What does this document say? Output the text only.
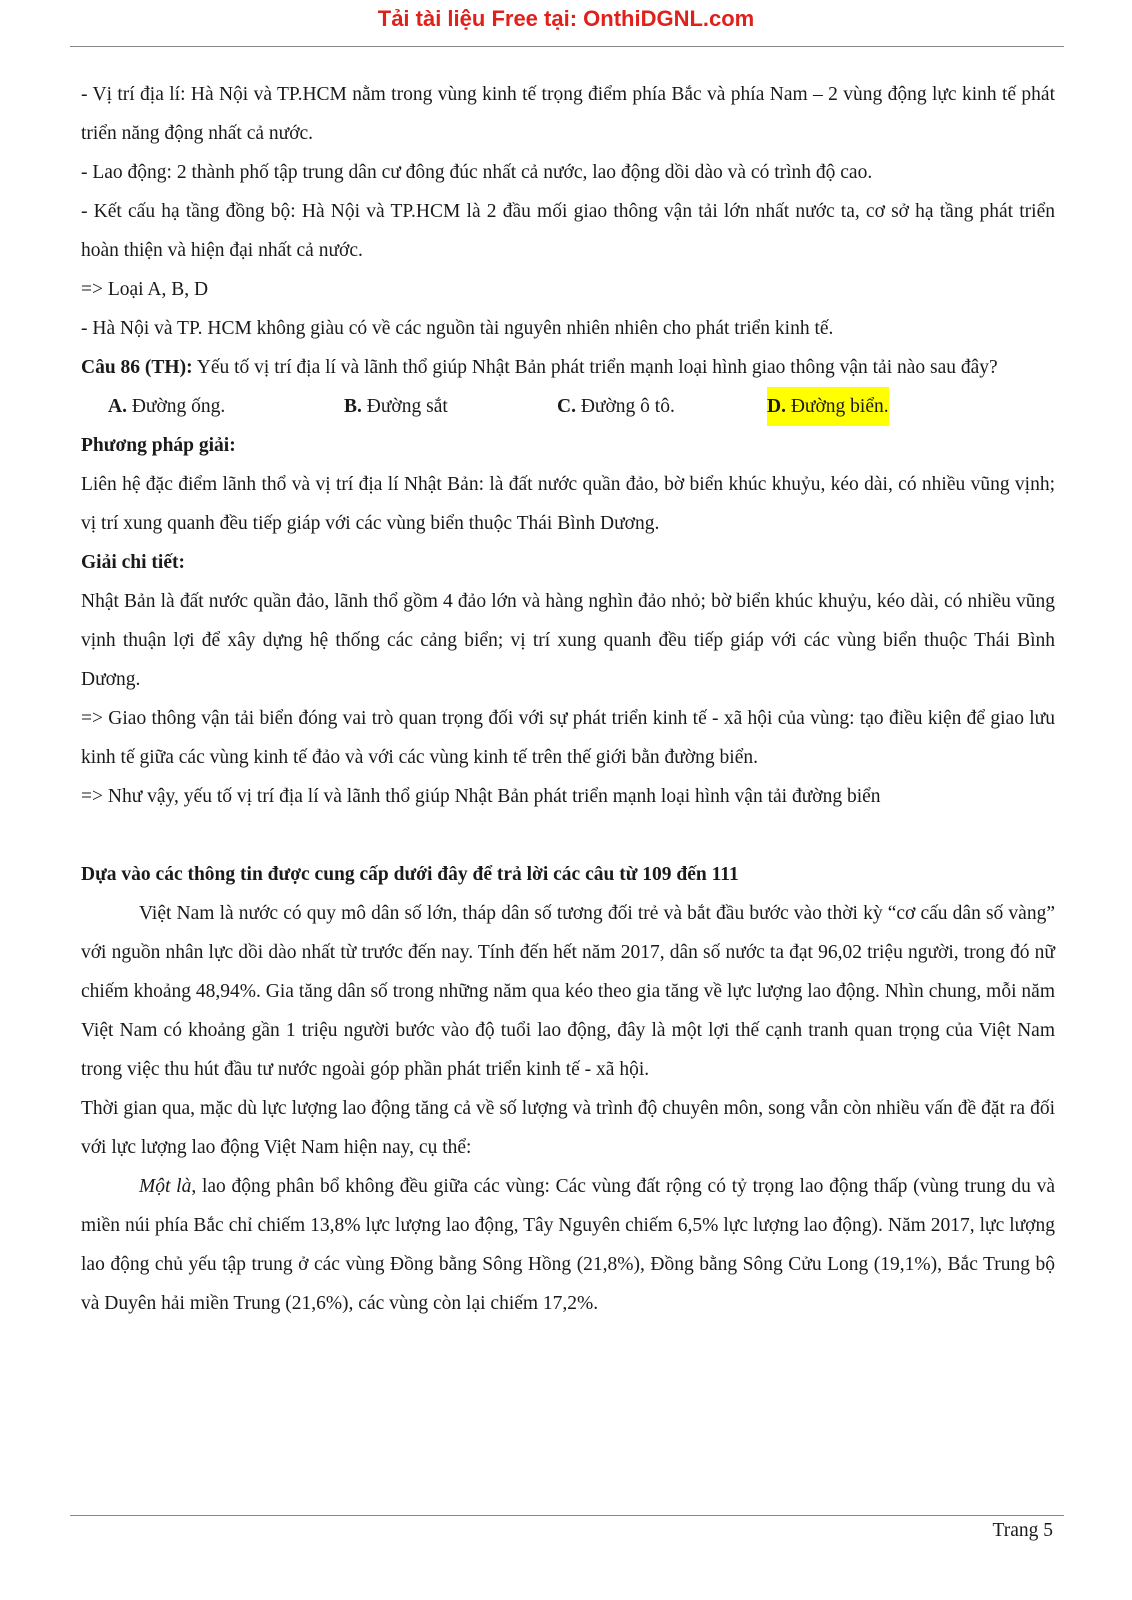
Tải tài liệu Free tại: OnthiDGNL.com

- Vị trí địa lí: Hà Nội và TP.HCM nằm trong vùng kinh tế trọng điểm phía Bắc và phía Nam – 2 vùng động lực kinh tế phát triển năng động nhất cả nước.

- Lao động: 2 thành phố tập trung dân cư đông đúc nhất cả nước, lao động dồi dào và có trình độ cao.

- Kết cấu hạ tầng đồng bộ: Hà Nội và TP.HCM là 2 đầu mối giao thông vận tải lớn nhất nước ta, cơ sở hạ tầng phát triển hoàn thiện và hiện đại nhất cả nước.

=> Loại A, B, D

- Hà Nội và TP. HCM không giàu có về các nguồn tài nguyên nhiên nhiên cho phát triển kinh tế.

Câu 86 (TH): Yếu tố vị trí địa lí và lãnh thổ giúp Nhật Bản phát triển mạnh loại hình giao thông vận tải nào sau đây?

A. Đường ống.	B. Đường sắt	C. Đường ô tô.	D. Đường biển.

Phương pháp giải:

Liên hệ đặc điểm lãnh thổ và vị trí địa lí Nhật Bản: là đất nước quần đảo, bờ biển khúc khuỷu, kéo dài, có nhiều vũng vịnh; vị trí xung quanh đều tiếp giáp với các vùng biển thuộc Thái Bình Dương.

Giải chi tiết:

Nhật Bản là đất nước quần đảo, lãnh thổ gồm 4 đảo lớn và hàng nghìn đảo nhỏ; bờ biển khúc khuỷu, kéo dài, có nhiều vũng vịnh thuận lợi để xây dựng hệ thống các cảng biển; vị trí xung quanh đều tiếp giáp với các vùng biển thuộc Thái Bình Dương.

=> Giao thông vận tải biển đóng vai trò quan trọng đối với sự phát triển kinh tế - xã hội của vùng: tạo điều kiện để giao lưu kinh tế giữa các vùng kinh tế đảo và với các vùng kinh tế trên thế giới bằn đường biển.

=> Như vậy, yếu tố vị trí địa lí và lãnh thổ giúp Nhật Bản phát triển mạnh loại hình vận tải đường biển

Dựa vào các thông tin được cung cấp dưới đây để trả lời các câu từ 109 đến 111

Việt Nam là nước có quy mô dân số lớn, tháp dân số tương đối trẻ và bắt đầu bước vào thời kỳ “cơ cấu dân số vàng” với nguồn nhân lực dồi dào nhất từ trước đến nay. Tính đến hết năm 2017, dân số nước ta đạt 96,02 triệu người, trong đó nữ chiếm khoảng 48,94%. Gia tăng dân số trong những năm qua kéo theo gia tăng về lực lượng lao động. Nhìn chung, mỗi năm Việt Nam có khoảng gần 1 triệu người bước vào độ tuổi lao động, đây là một lợi thế cạnh tranh quan trọng của Việt Nam trong việc thu hút đầu tư nước ngoài góp phần phát triển kinh tế - xã hội.

Thời gian qua, mặc dù lực lượng lao động tăng cả về số lượng và trình độ chuyên môn, song vẫn còn nhiều vấn đề đặt ra đối với lực lượng lao động Việt Nam hiện nay, cụ thể:

Một là, lao động phân bổ không đều giữa các vùng: Các vùng đất rộng có tỷ trọng lao động thấp (vùng trung du và miền núi phía Bắc chỉ chiếm 13,8% lực lượng lao động, Tây Nguyên chiếm 6,5% lực lượng lao động). Năm 2017, lực lượng lao động chủ yếu tập trung ở các vùng Đồng bằng Sông Hồng (21,8%), Đồng bằng Sông Cửu Long (19,1%), Bắc Trung bộ và Duyên hải miền Trung (21,6%), các vùng còn lại chiếm 17,2%.

Trang 5
